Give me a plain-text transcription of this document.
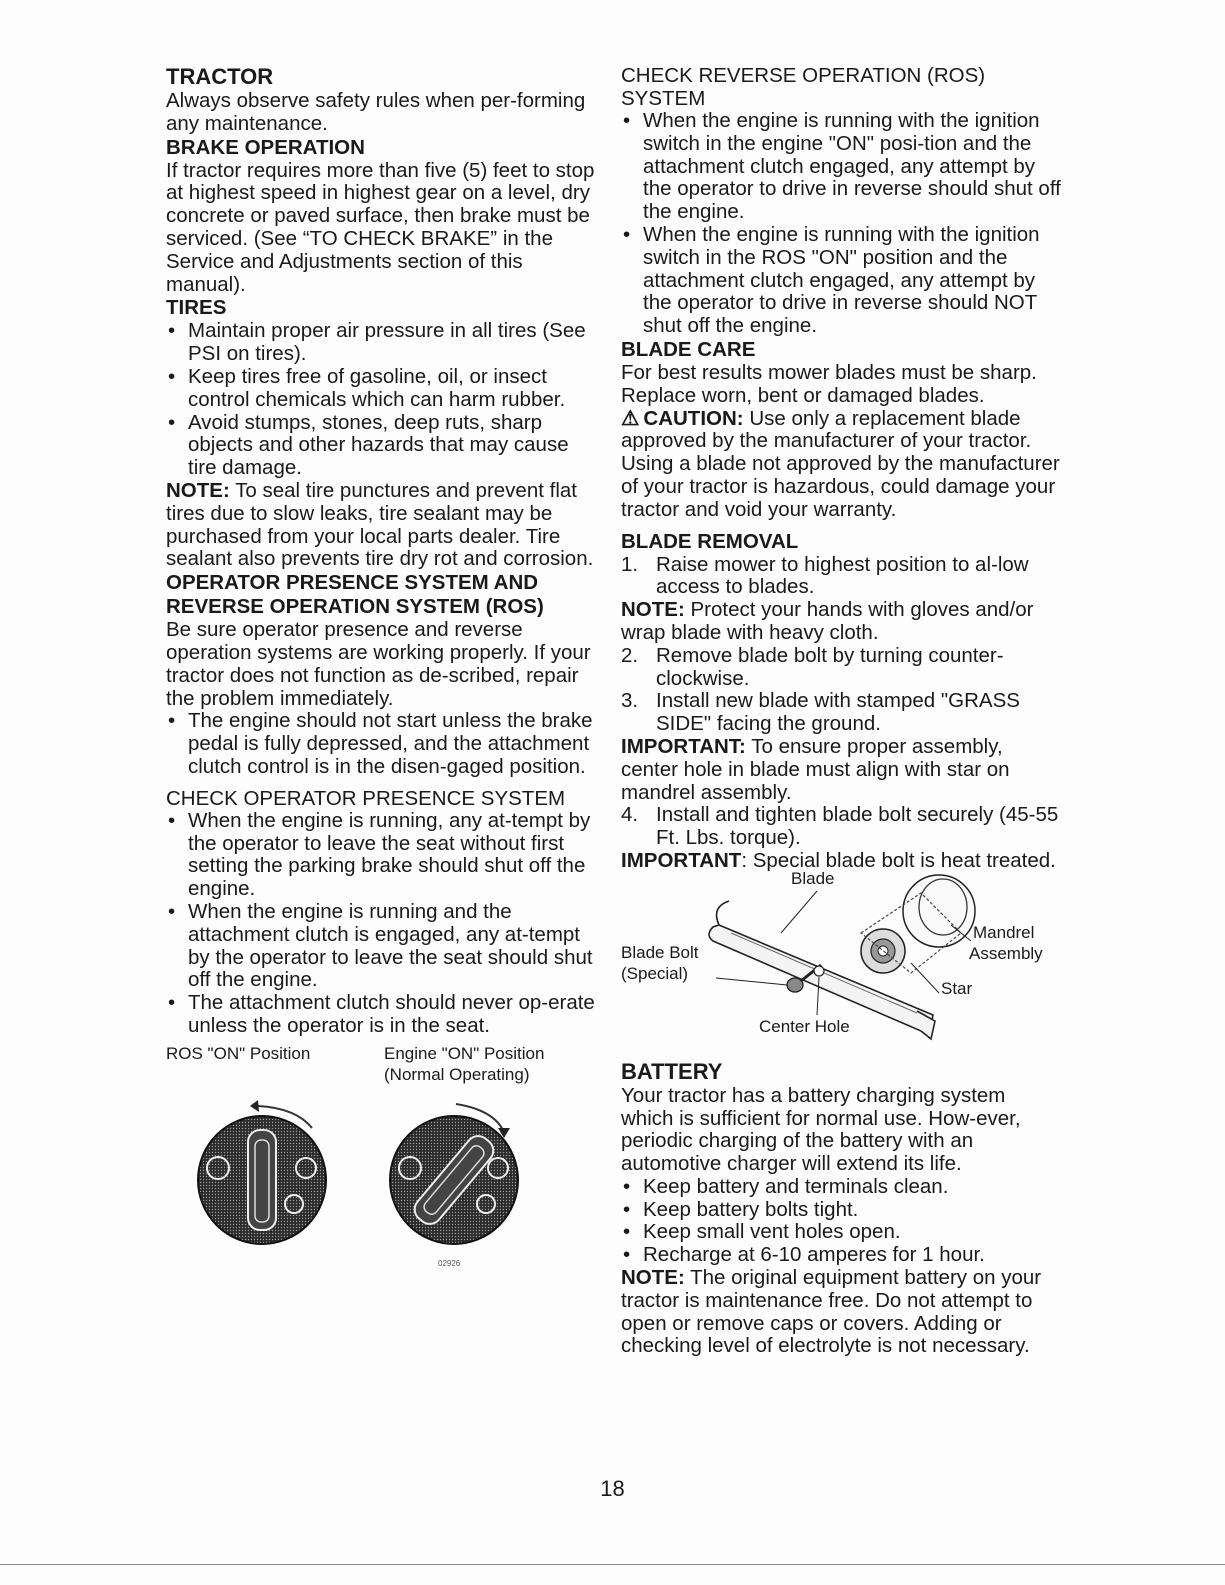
TRACTOR

Always observe safety rules when per-forming any maintenance.

BRAKE OPERATION

If tractor requires more than five (5) feet to stop at highest speed in highest gear on a level, dry concrete or paved surface, then brake must be serviced. (See “TO CHECK BRAKE” in the Service and Adjustments section of this manual).

TIRES
• Maintain proper air pressure in all tires (See PSI on tires).
• Keep tires free of gasoline, oil, or insect control chemicals which can harm rubber.
• Avoid stumps, stones, deep ruts, sharp objects and other hazards that may cause tire damage.

NOTE: To seal tire punctures and prevent flat tires due to slow leaks, tire sealant may be purchased from your local parts dealer. Tire sealant also prevents tire dry rot and corrosion.

OPERATOR PRESENCE SYSTEM AND REVERSE OPERATION SYSTEM (ROS)

Be sure operator presence and reverse operation systems are working properly. If your tractor does not function as de-scribed, repair the problem immediately.

• The engine should not start unless the brake pedal is fully depressed, and the attachment clutch control is in the disen-gaged position.

CHECK OPERATOR PRESENCE SYSTEM

• When the engine is running, any at-tempt by the operator to leave the seat without first setting the parking brake should shut off the engine.
• When the engine is running and the attachment clutch is engaged, any at-tempt by the operator to leave the seat should shut off the engine.
• The attachment clutch should never op-erate unless the operator is in the seat.
ROS "ON" Position	Engine "ON" Position
(Normal Operating)
02926

CHECK REVERSE OPERATION (ROS) SYSTEM

• When the engine is running with the ignition switch in the engine "ON" posi-tion and the attachment clutch engaged, any attempt by the operator to drive in reverse should shut off the engine.
• When the engine is running with the ignition switch in the ROS "ON" position and the attachment clutch engaged, any attempt by the operator to drive in reverse should NOT shut off the engine.
BLADE CARE

For best results mower blades must be sharp. Replace worn, bent or damaged blades.

⚠ CAUTION: Use only a replacement blade approved by the manufacturer of your tractor. Using a blade not approved by the manufacturer of your tractor is hazardous, could damage your tractor and void your warranty.

BLADE REMOVAL
1. Raise mower to highest position to al-low access to blades.

NOTE: Protect your hands with gloves and/or wrap blade with heavy cloth.

2. Remove blade bolt by turning counter-clockwise.
3. Install new blade with stamped "GRASS SIDE" facing the ground.

IMPORTANT: To ensure proper assembly, center hole in blade must align with star on mandrel assembly.

4. Install and tighten blade bolt securely (45-55 Ft. Lbs. torque).

IMPORTANT: Special blade bolt is heat treated.

Blade
Blade Bolt
(Special)
Mandrel
Assembly
Star
Center Hole
BATTERY

Your tractor has a battery charging system which is sufficient for normal use. How-ever, periodic charging of the battery with an automotive charger will extend its life.

• Keep battery and terminals clean.
• Keep battery bolts tight.
• Keep small vent holes open.
• Recharge at 6-10 amperes for 1 hour.

NOTE: The original equipment battery on your tractor is maintenance free. Do not attempt to open or remove caps or covers. Adding or checking level of electrolyte is not necessary.

18
